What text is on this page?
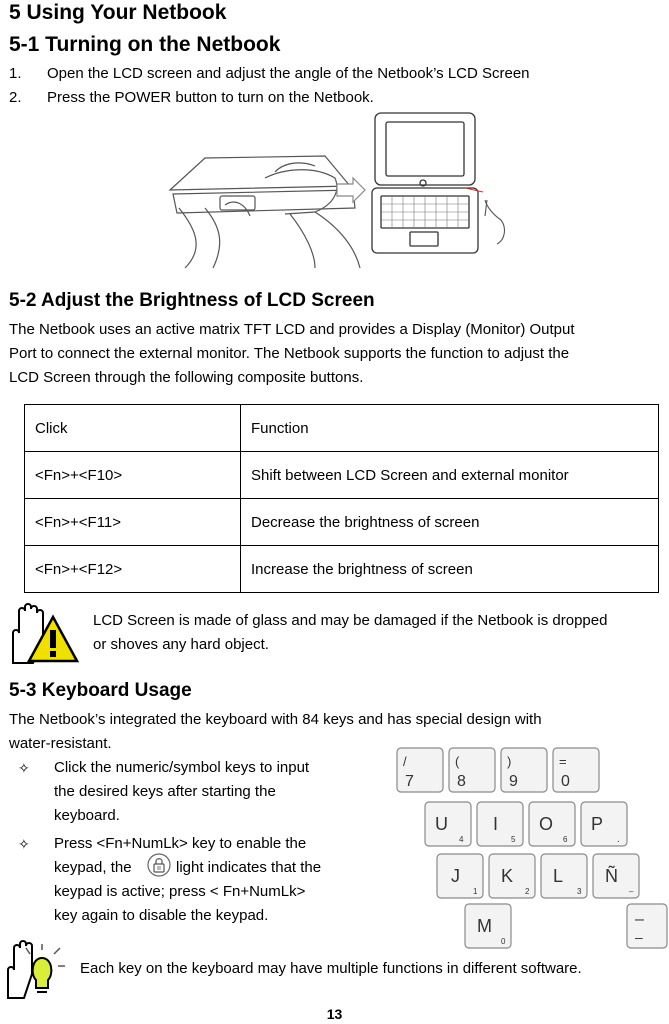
5 Using Your Netbook
5-1 Turning on the Netbook
1. Open the LCD screen and adjust the angle of the Netbook’s LCD Screen
2. Press the POWER button to turn on the Netbook.
5-2 Adjust the Brightness of LCD Screen
The Netbook uses an active matrix TFT LCD and provides a Display (Monitor) Output
Port to connect the external monitor. The Netbook supports the function to adjust the
LCD Screen through the following composite buttons.
Click	Function
<Fn>+<F10>	Shift between LCD Screen and external monitor
<Fn>+<F11>	Decrease the brightness of screen
<Fn>+<F12>	Increase the brightness of screen
LCD Screen is made of glass and may be damaged if the Netbook is dropped
or shoves any hard object.
5-3 Keyboard Usage
The Netbook’s integrated the keyboard with 84 keys and has special design with
water-resistant.
✧ Click the numeric/symbol keys to input
the desired keys after starting the
keyboard.
✧ Press <Fn+NumLk> key to enable the
keypad, the	light indicates that the
keypad is active; press < Fn+NumLk>
key again to disable the keypad.
/
7
(
8
)
9
=
0
U
4
I
5
O
6
P
.
J
1
K
2
L
3
Ñ
–
M
0
–
–
Each key on the keyboard may have multiple functions in different software.
13
